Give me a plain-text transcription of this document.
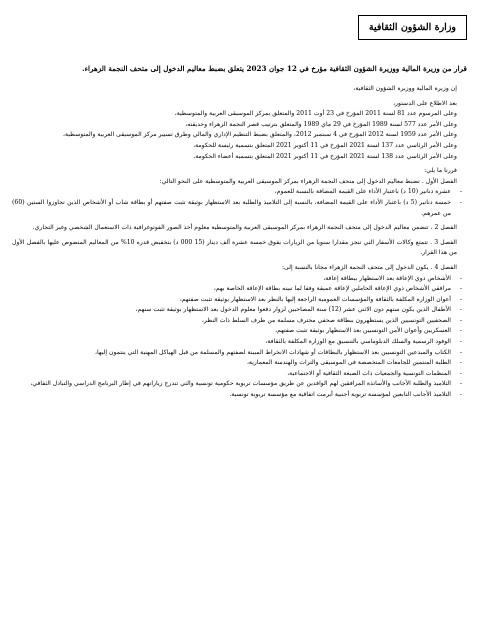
وزارة الشؤون الثقافية
قرار من وزيرة المالية ووزيرة الشؤون الثقافية مؤرخ في 12 جوان 2023 يتعلق بضبط معاليم الدخول إلى متحف النجمة الزهراء.

إن وزيرة المالية ووزيرة الشؤون الثقافية،

بعد الاطلاع على الدستور،

وعلى المرسوم عدد 81 لسنة 2011 المؤرخ في 23 أوت 2011 والمتعلق بمركز الموسيقى العربية والمتوسطية،

وعلى الأمر عدد 577 لسنة 1989 المؤرخ في 29 ماي 1989 والمتعلق بترتيب قصر النجمة الزهراء وحديقته،

وعلى الأمر عدد 1959 لسنة 2012 المؤرخ في 4 سبتمبر 2012، والمتعلق بضبط التنظيم الإداري والمالي وطرق تسيير مركز الموسيقى العربية والمتوسطية،

وعلى الأمر الرئاسي عدد 137 لسنة 2021 المؤرخ في 11 أكتوبر 2021 المتعلق بتسمية رئيسة للحكومة،

وعلى الأمر الرئاسي عدد 138 لسنة 2021 المؤرخ في 11 أكتوبر 2021 المتعلق بتسمية أعضاء الحكومة.

قررتا ما يلي:

الفصل الأول . تضبط معاليم الدخول إلى متحف النجمة الزهراء بمركز الموسيقى العربية والمتوسطية على النحو التالي:

- عشرة دنانير (10 د) باعتبار الأداء على القيمة المضافة بالنسبة للعموم،
- خمسة دنانير (5 د) باعتبار الأداء على القيمة المضافة، بالنسبة إلى التلاميذ والطلبة بعد الاستظهار بوثيقة تثبت صفتهم أو بطاقة شاب أو الأشخاص الذين تجاوزوا الستين (60) من عمرهم.

الفصل 2 . تتضمن معاليم الدخول إلى متحف النجمة الزهراء بمركز الموسيقى العربية والمتوسطية معلوم أخذ الصور الفوتوغرافية ذات الاستعمال الشخصي وغير التجاري.

الفصل 3 . تتمتع وكالات الأسفار التي تنجز مقدارا سنويا من الزيارات يفوق خمسة عشرة ألف دينار (15 000 د) بتخفيض قدره 10% من المعاليم المنصوص عليها بالفصل الأول من هذا القرار.

الفصل 4 . يكون الدخول إلى متحف النجمة الزهراء مجانا بالنسبة إلى:

- الأشخاص ذوي الإعاقة بعد الاستظهار ببطاقة إعاقة،
- مرافقي الأشخاص ذوي الإعاقة الحاملين لإعاقة عميقة وفقا لما تبينه بطاقة الإعاقة الخاصة بهم،
- أعوان الوزارة المكلفة بالثقافة والمؤسسات العمومية الراجعة إليها بالنظر بعد الاستظهار بوثيقة تثبت صفتهم،
- الأطفال الذين يكون سنهم دون الاثني عشر (12) سنة المصاحبين لزوار دفعوا معلوم الدخول بعد الاستظهار بوثيقة تثبت سنهم،
- الصحفيين التونسيين الذين يستظهرون ببطاقة صحفي محترف مسلمة من طرف السلط ذات النظر،
- العسكريين وأعوان الأمن التونسيين بعد الاستظهار بوثيقة تثبت صفتهم،
- الوفود الرسمية والسلك الدبلوماسي بالتنسيق مع الوزارة المكلفة بالثقافة،
- الكتاب والمبدعين التونسيين بعد الاستظهار بالبطاقات أو شهادات الانخراط المبينة لصفتهم والمسلمة من قبل الهياكل المهنية التي ينتمون إليها،
- الطلبة المنتمين للجامعات المتخصصة في الموسيقى والتراث والهندسة المعمارية،
- المنظمات التونسية والجمعيات ذات الصبغة الثقافية أو الاجتماعية،
- التلاميذ والطلبة الأجانب والأساتذة المرافقين لهم الوافدين عن طريق مؤسسات تربوية حكومية تونسية والتي تندرج زياراتهم في إطار البرنامج الدراسي والتبادل الثقافي،
- التلاميذ الأجانب التابعين لمؤسسة تربوية أجنبية أبرمت اتفاقية مع مؤسسة تربوية تونسية.
